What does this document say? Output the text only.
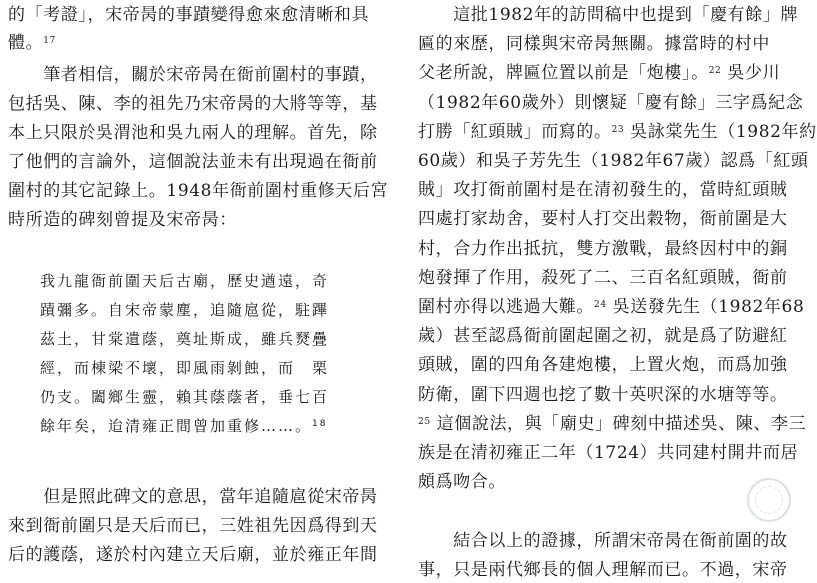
的「考證」，宋帝昺的事蹟變得愈來愈清晰和具
體。$^{17}$
　　筆者相信，關於宋帝昺在衙前圍村的事蹟，
包括吳、陳、李的祖先乃宋帝昺的大將等等，基
本上只限於吳渭池和吳九兩人的理解。首先，除
了他們的言論外，這個說法並未有出現過在衙前
圍村的其它記錄上。1948年衙前圍村重修天后宮
時所造的碑刻曾提及宋帝昺：
我九龍衙前圍天后古廟，歷史遒遠，奇
蹟彌多。自宋帝蒙塵，追隨扈從，駐蹕
茲土，甘棠遺蔭，奠址斯成，雖兵燹疊
經，而棟梁不壞，即風雨剝蝕，而　栗
仍支。闔鄉生靈，賴其蔭蔭者，垂七百
餘年矣，迨清雍正間曾加重修……。$^{18}$
　　但是照此碑文的意思，當年追隨扈從宋帝昺
來到衙前圍只是天后而已，三姓祖先因爲得到天
后的護蔭，遂於村內建立天后廟，並於雍正年間
　　這批1982年的訪問稿中也提到「慶有餘」牌
匾的來歷，同樣與宋帝昺無關。據當時的村中
父老所說，牌匾位置以前是「炮樓」。$^{22}$ 吳少川
（1982年60歲外）則懷疑「慶有餘」三字爲紀念
打勝「紅頭賊」而寫的。$^{23}$ 吳詠棠先生（1982年約
60歲）和吳子芳先生（1982年67歲）認爲「紅頭
賊」攻打衙前圍村是在清初發生的，當時紅頭賊
四處打家劫舍，要村人打交出穀物，衙前圍是大
村，合力作出抵抗，雙方激戰，最終因村中的銅
炮發揮了作用，殺死了二、三百名紅頭賊，衙前
圍村亦得以逃過大難。$^{24}$ 吳送發先生（1982年68
歲）甚至認爲衙前圍起圍之初，就是爲了防避紅
頭賊，圍的四角各建炮樓，上置火炮，而爲加強
防衛，圍下四週也挖了數十英呎深的水塘等等。
$^{25}$ 這個說法，與「廟史」碑刻中描述吳、陳、李三
族是在清初雍正二年（1724）共同建村開井而居
頗爲吻合。
　　結合以上的證據，所謂宋帝昺在衙前圍的故
事，只是兩代鄉長的個人理解而已。不過，宋帝
